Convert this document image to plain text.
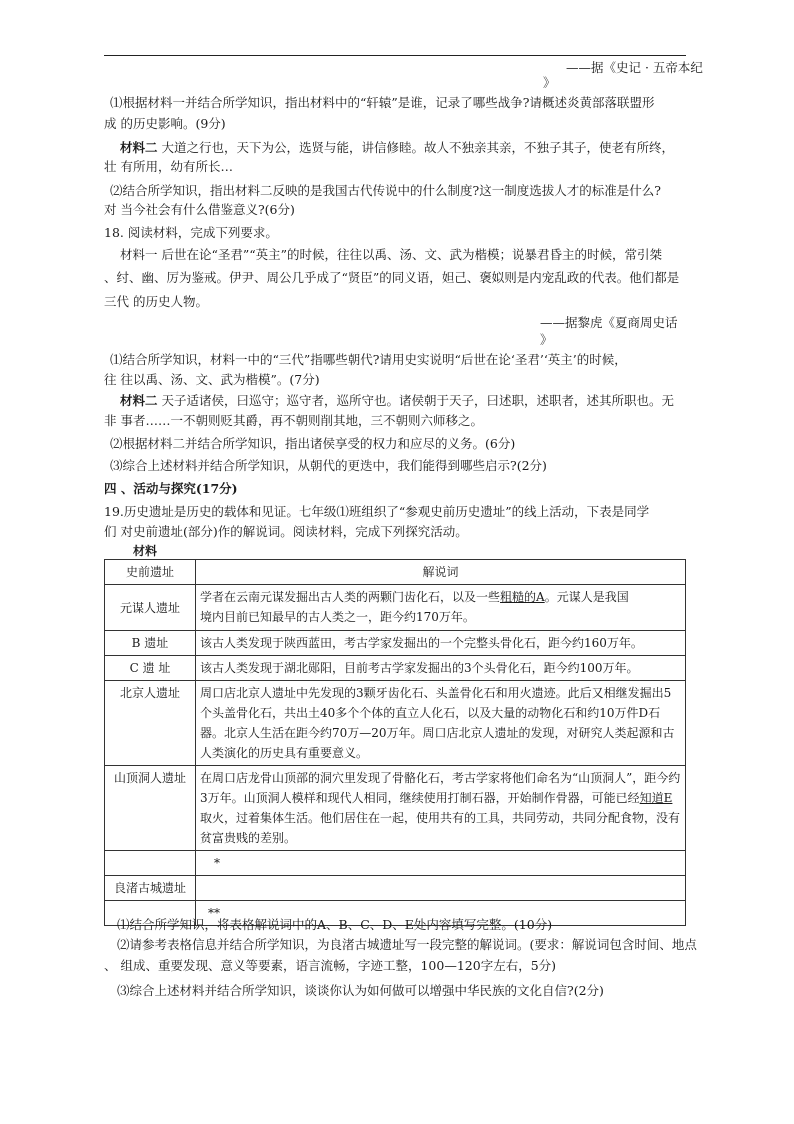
——据《史记 · 五帝本纪
》
⑴根据材料一并结合所学知识，指出材料中的“轩辕”是谁，记录了哪些战争?请概述炎黄部落联盟形
成 的历史影响。(9分)
材料二 大道之行也，天下为公，选贤与能，讲信修睦。故人不独亲其亲，不独子其子，使老有所终，
壮 有所用，幼有所长…
⑵结合所学知识，指出材料二反映的是我国古代传说中的什么制度?这一制度选拔人才的标准是什么?
对 当今社会有什么借鉴意义?(6分)
18. 阅读材料，完成下列要求。
材料一 后世在论“圣君”“英主”的时候，往往以禹、汤、文、武为楷模；说暴君昏主的时候，常引桀
、纣、幽、厉为鉴戒。伊尹、周公几乎成了“贤臣”的同义语，妲己、褒姒则是内宠乱政的代表。他们都是
三代 的历史人物。
——据黎虎《夏商周史话
》
⑴结合所学知识，材料一中的“三代”指哪些朝代?请用史实说明“后世在论‘圣君’‘英主’的时候，
往 往以禹、汤、文、武为楷模”。(7分)
材料二 天子适诸侯，曰巡守；巡守者，巡所守也。诸侯朝于天子，曰述职，述职者，述其所职也。无
非 事者……一不朝则贬其爵，再不朝则削其地，三不朝则六师移之。
⑵根据材料二并结合所学知识，指出诸侯享受的权力和应尽的义务。(6分)
⑶综合上述材料并结合所学知识，从朝代的更迭中，我们能得到哪些启示?(2分)
四 、活动与探究(17分)
19.历史遗址是历史的载体和见证。七年级⑴班组织了“参观史前历史遗址”的线上活动，下表是同学
们 对史前遗址(部分)作的解说词。阅读材料，完成下列探究活动。
材料
史前遗址	解说词
元谋人遗址	学者在云南元谋发掘出古人类的两颗门齿化石，以及一些粗糙的A。元谋人是我国
境内目前已知最早的古人类之一，距今约170万年。
B 遗址	该古人类发现于陕西蓝田，考古学家发掘出的一个完整头骨化石，距今约160万年。
C 遗 址	该古人类发现于湖北郧阳，目前考古学家发掘出的3个头骨化石，距今约100万年。
北京人遗址	周口店北京人遗址中先发现的3颗牙齿化石、头盖骨化石和用火遗迹。此后又相继发掘出5个头盖骨化石，共出土40多个个体的直立人化石，以及大量的动物化石和约10万件D石器。北京人生活在距今约70万—20万年。周口店北京人遗址的发现，对研究人类起源和古人类演化的历史具有重要意义。
山顶洞人遗址	在周口店龙骨山顶部的洞穴里发现了骨骼化石，考古学家将他们命名为“山顶洞人”，距今约3万年。山顶洞人模样和现代人相同，继续使用打制石器，开始制作骨器，可能已经知道E取火，过着集体生活。他们居住在一起，使用共有的工具，共同劳动，共同分配食物，没有贫富贵贱的差别。
	*
良渚古城遗址	
	**
⑴结合所学知识，将表格解说词中的A、B、C、D、E处内容填写完整。(10分)
⑵请参考表格信息并结合所学知识，为良渚古城遗址写一段完整的解说词。(要求：解说词包含时间、地点
、 组成、重要发现、意义等要素，语言流畅，字迹工整，100—120字左右，5分)
⑶综合上述材料并结合所学知识，谈谈你认为如何做可以增强中华民族的文化自信?(2分)
